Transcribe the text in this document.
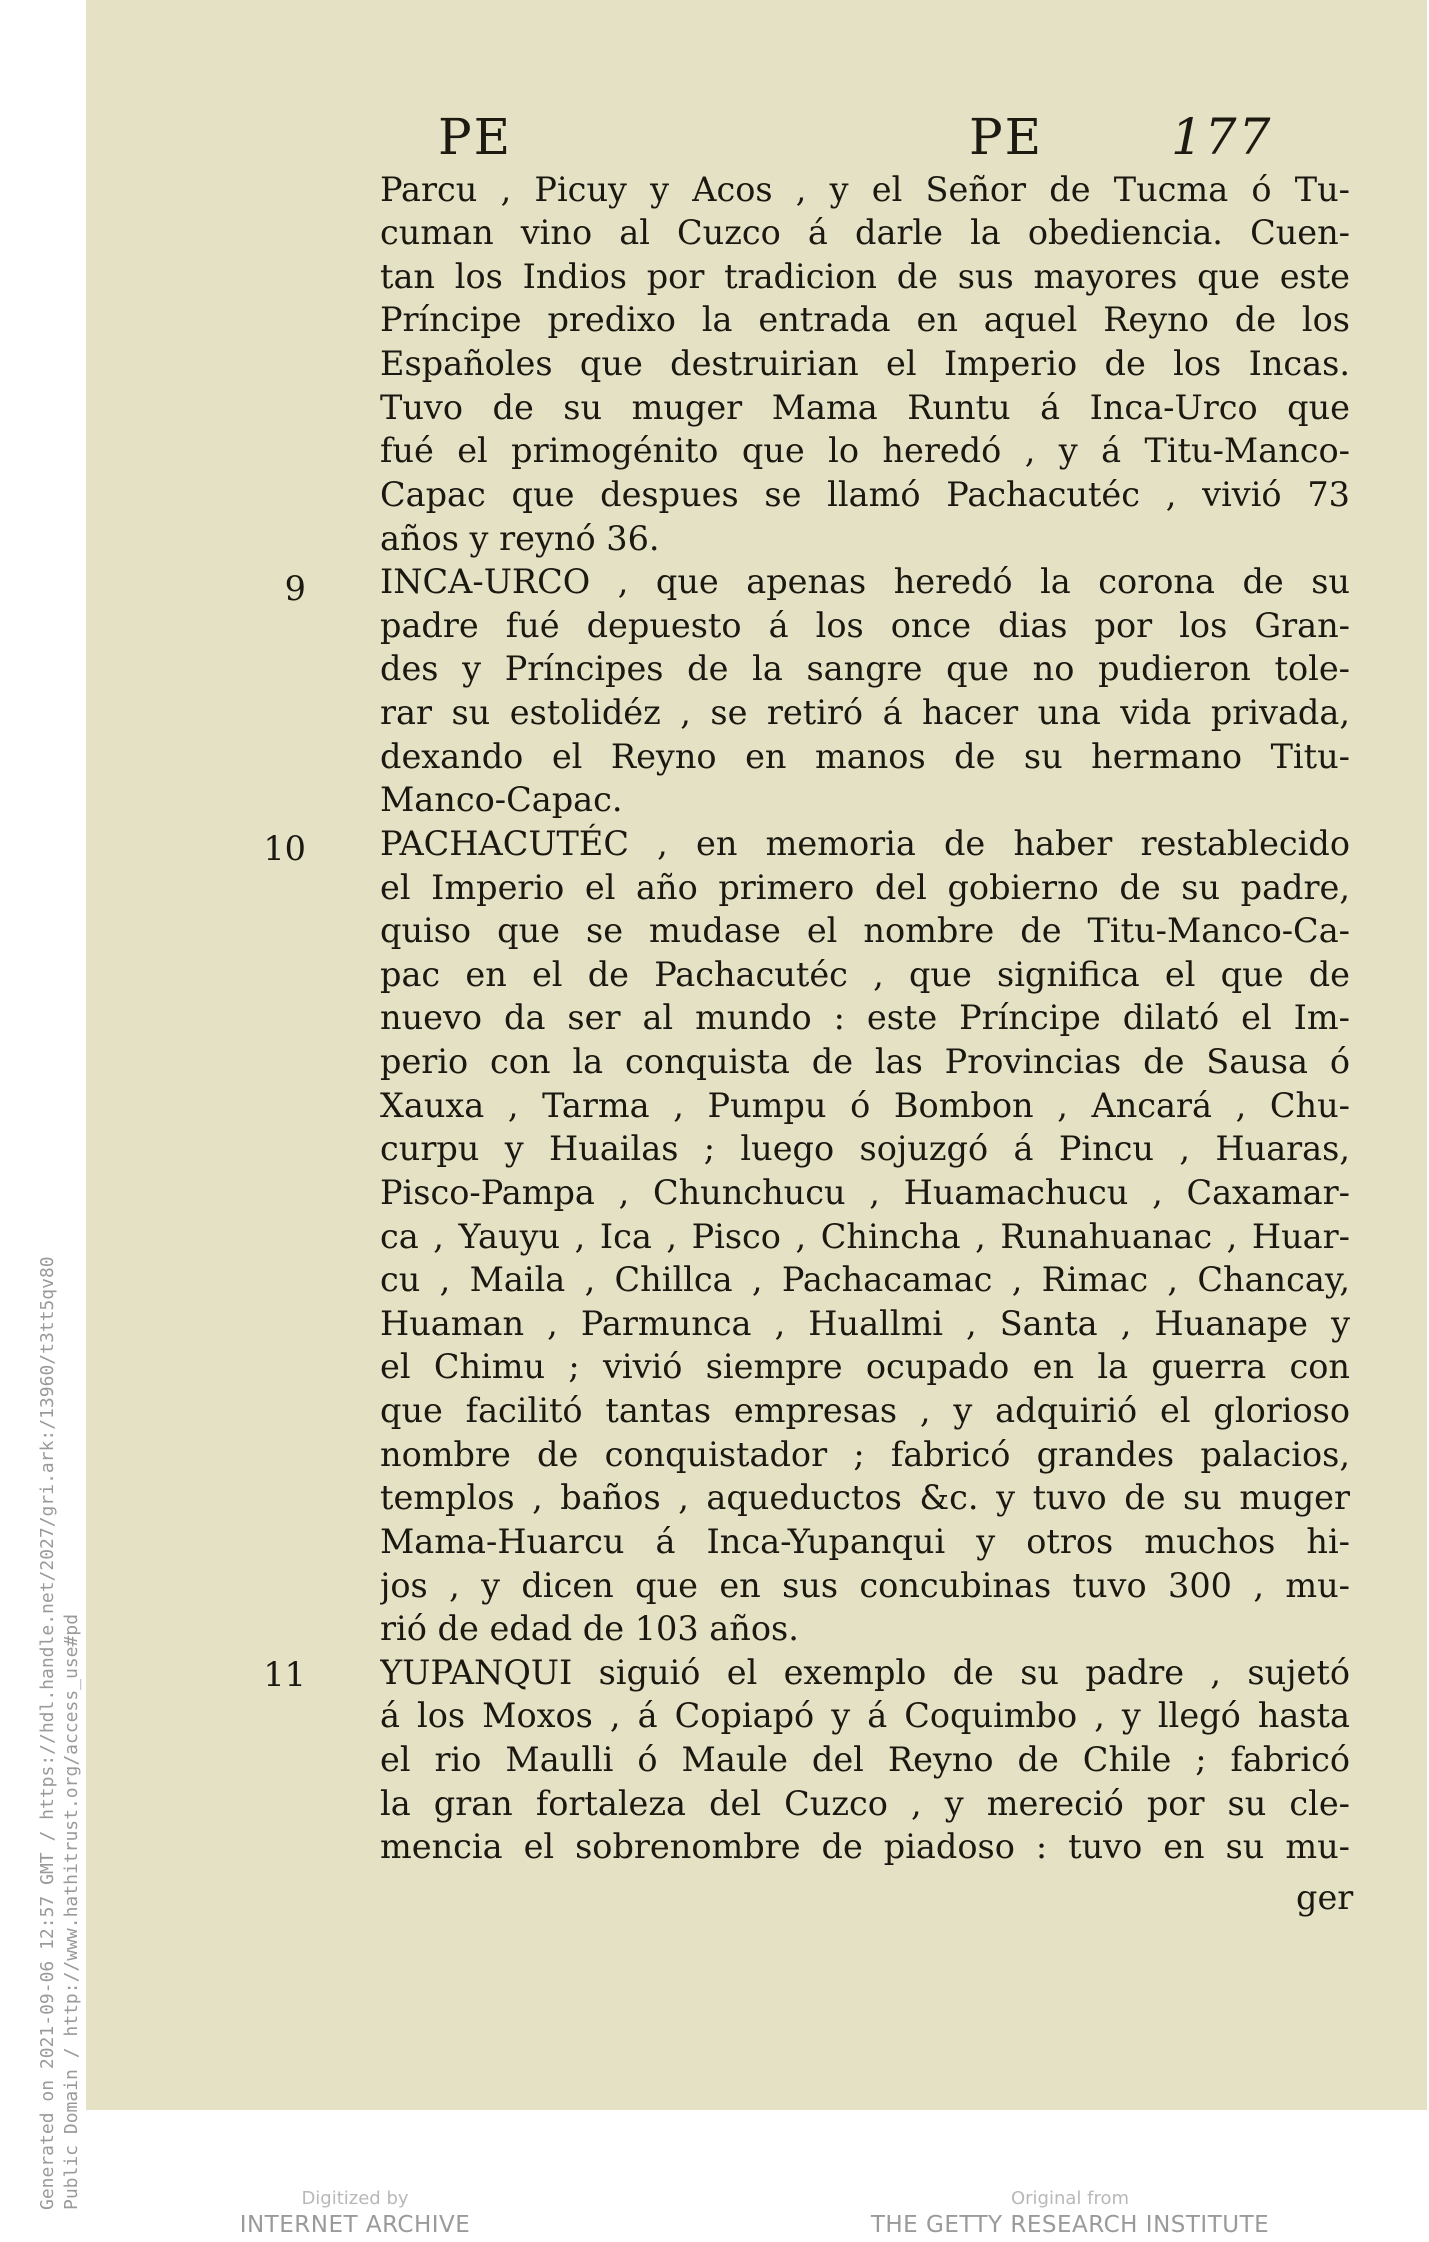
PE	PE	177
9
10
11
Parcu , Picuy y Acos , y el Señor de Tucma ó Tu-
cuman vino al Cuzco á darle la obediencia. Cuen-
tan los Indios por tradicion de sus mayores que este
Príncipe predixo la entrada en aquel Reyno de los
Españoles que destruirian el Imperio de los Incas.
Tuvo de su muger Mama Runtu á Inca-Urco que
fué el primogénito que lo heredó , y á Titu-Manco-
Capac que despues se llamó Pachacutéc , vivió 73
años y reynó 36.
INCA-URCO , que apenas heredó la corona de su
padre fué depuesto á los once dias por los Gran-
des y Príncipes de la sangre que no pudieron tole-
rar su estolidéz , se retiró á hacer una vida privada,
dexando el Reyno en manos de su hermano Titu-
Manco-Capac.
PACHACUTÉC , en memoria de haber restablecido
el Imperio el año primero del gobierno de su padre,
quiso que se mudase el nombre de Titu-Manco-Ca-
pac en el de Pachacutéc , que significa el que de
nuevo da ser al mundo : este Príncipe dilató el Im-
perio con la conquista de las Provincias de Sausa ó
Xauxa , Tarma , Pumpu ó Bombon , Ancará , Chu-
curpu y Huailas ; luego sojuzgó á Pincu , Huaras,
Pisco-Pampa , Chunchucu , Huamachucu , Caxamar-
ca , Yauyu , Ica , Pisco , Chincha , Runahuanac , Huar-
cu , Maila , Chillca , Pachacamac , Rimac , Chancay,
Huaman , Parmunca , Huallmi , Santa , Huanape y
el Chimu ; vivió siempre ocupado en la guerra con
que facilitó tantas empresas , y adquirió el glorioso
nombre de conquistador ; fabricó grandes palacios,
templos , baños , aqueductos &c. y tuvo de su muger
Mama-Huarcu á Inca-Yupanqui y otros muchos hi-
jos , y dicen que en sus concubinas tuvo 300 , mu-
rió de edad de 103 años.
YUPANQUI siguió el exemplo de su padre , sujetó
á los Moxos , á Copiapó y á Coquimbo , y llegó hasta
el rio Maulli ó Maule del Reyno de Chile ; fabricó
la gran fortaleza del Cuzco , y mereció por su cle-
mencia el sobrenombre de piadoso : tuvo en su mu-
ger
Generated on 2021-09-06 12:57 GMT / https://hdl.handle.net/2027/gri.ark:/13960/t3tt5qv80 Public Domain / http://www.hathitrust.org/access_use#pd	Digitized by
INTERNET ARCHIVE
Original from
THE GETTY RESEARCH INSTITUTE
